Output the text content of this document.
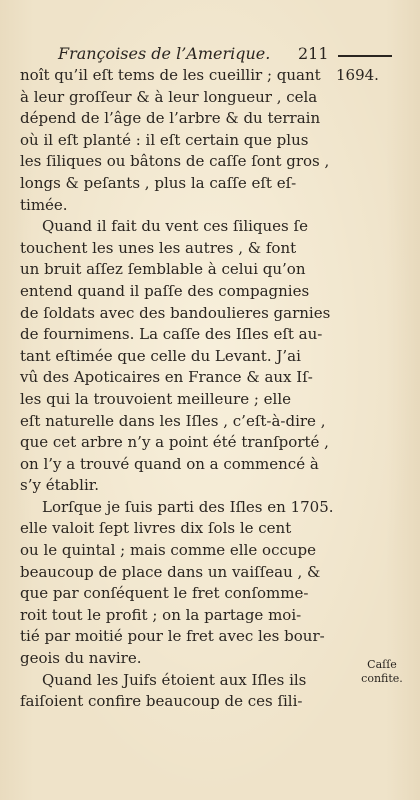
Françoises de l’Amerique. 211
1694.
noît qu’il eſt tems de les cueillir ; quant
à leur groſſeur & à leur longueur , cela
dépend de l’âge de l’arbre & du terrain
où il eſt planté : il eſt certain que plus
les ſiliques ou bâtons de caſſe ſont gros ,
longs & peſants , plus la caſſe eſt eſ-
timée.
Quand il fait du vent ces ſiliques ſe
touchent les unes les autres , & font
un bruit aſſez ſemblable à celui qu’on
entend quand il paſſe des compagnies
de ſoldats avec des bandoulieres garnies
de fournimens. La caſſe des Iſles eſt au-
tant eſtimée que celle du Levant. J’ai
vû des Apoticaires en France & aux Iſ-
les qui la trouvoient meilleure ; elle
eſt naturelle dans les Iſles , c’eſt-à-dire ,
que cet arbre n’y a point été tranſporté ,
on l’y a trouvé quand on a commencé à
s’y établir.
Lorſque je ſuis parti des Iſles en 1705.
elle valoit ſept livres dix ſols le cent
ou le quintal ; mais comme elle occupe
beaucoup de place dans un vaiſſeau , &
que par conſéquent le fret conſomme-
roit tout le profit ; on la partage moi-
tié par moitié pour le fret avec les bour-
geois du navire.
Quand les Juifs étoient aux Iſles ils
faiſoient confire beaucoup de ces ſili-
Caſſe
confite.
